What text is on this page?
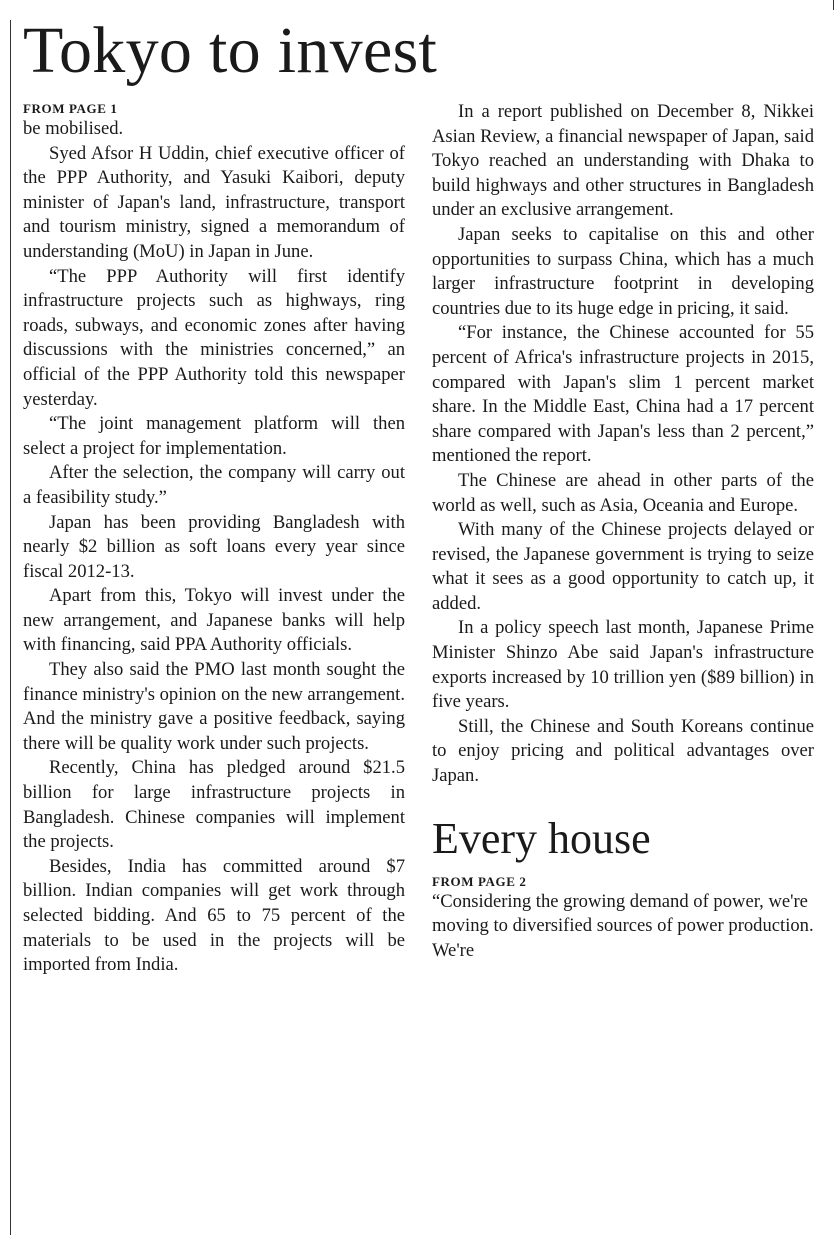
Tokyo to invest

FROM PAGE 1

be mobilised.

Syed Afsor H Uddin, chief executive officer of the PPP Authority, and Yasuki Kaibori, deputy minister of Japan's land, infrastructure, transport and tourism ministry, signed a memorandum of understanding (MoU) in Japan in June.

“The PPP Authority will first identify infrastructure projects such as highways, ring roads, subways, and economic zones after having discussions with the ministries concerned,” an official of the PPP Authority told this newspaper yesterday.

“The joint management platform will then select a project for implementation.

After the selection, the company will carry out a feasibility study.”

Japan has been providing Bangladesh with nearly $2 billion as soft loans every year since fiscal 2012-13.

Apart from this, Tokyo will invest under the new arrangement, and Japanese banks will help with financing, said PPA Authority officials.

They also said the PMO last month sought the finance ministry's opinion on the new arrangement. And the ministry gave a positive feedback, saying there will be quality work under such projects.

Recently, China has pledged around $21.5 billion for large infrastructure projects in Bangladesh. Chinese companies will implement the projects.

Besides, India has committed around $7 billion. Indian companies will get work through selected bidding. And 65 to 75 percent of the materials to be used in the projects will be imported from India.

In a report published on December 8, Nikkei Asian Review, a financial newspaper of Japan, said Tokyo reached an understanding with Dhaka to build highways and other structures in Bangladesh under an exclusive arrangement.

Japan seeks to capitalise on this and other opportunities to surpass China, which has a much larger infrastructure footprint in developing countries due to its huge edge in pricing, it said.

“For instance, the Chinese accounted for 55 percent of Africa's infrastructure projects in 2015, compared with Japan's slim 1 percent market share. In the Middle East, China had a 17 percent share compared with Japan's less than 2 percent,” mentioned the report.

The Chinese are ahead in other parts of the world as well, such as Asia, Oceania and Europe.

With many of the Chinese projects delayed or revised, the Japanese government is trying to seize what it sees as a good opportunity to catch up, it added.

In a policy speech last month, Japanese Prime Minister Shinzo Abe said Japan's infrastructure exports increased by 10 trillion yen ($89 billion) in five years.

Still, the Chinese and South Koreans continue to enjoy pricing and political advantages over Japan.

Every house

FROM PAGE 2

“Considering the growing demand of power, we're moving to diversified sources of power production. We're
